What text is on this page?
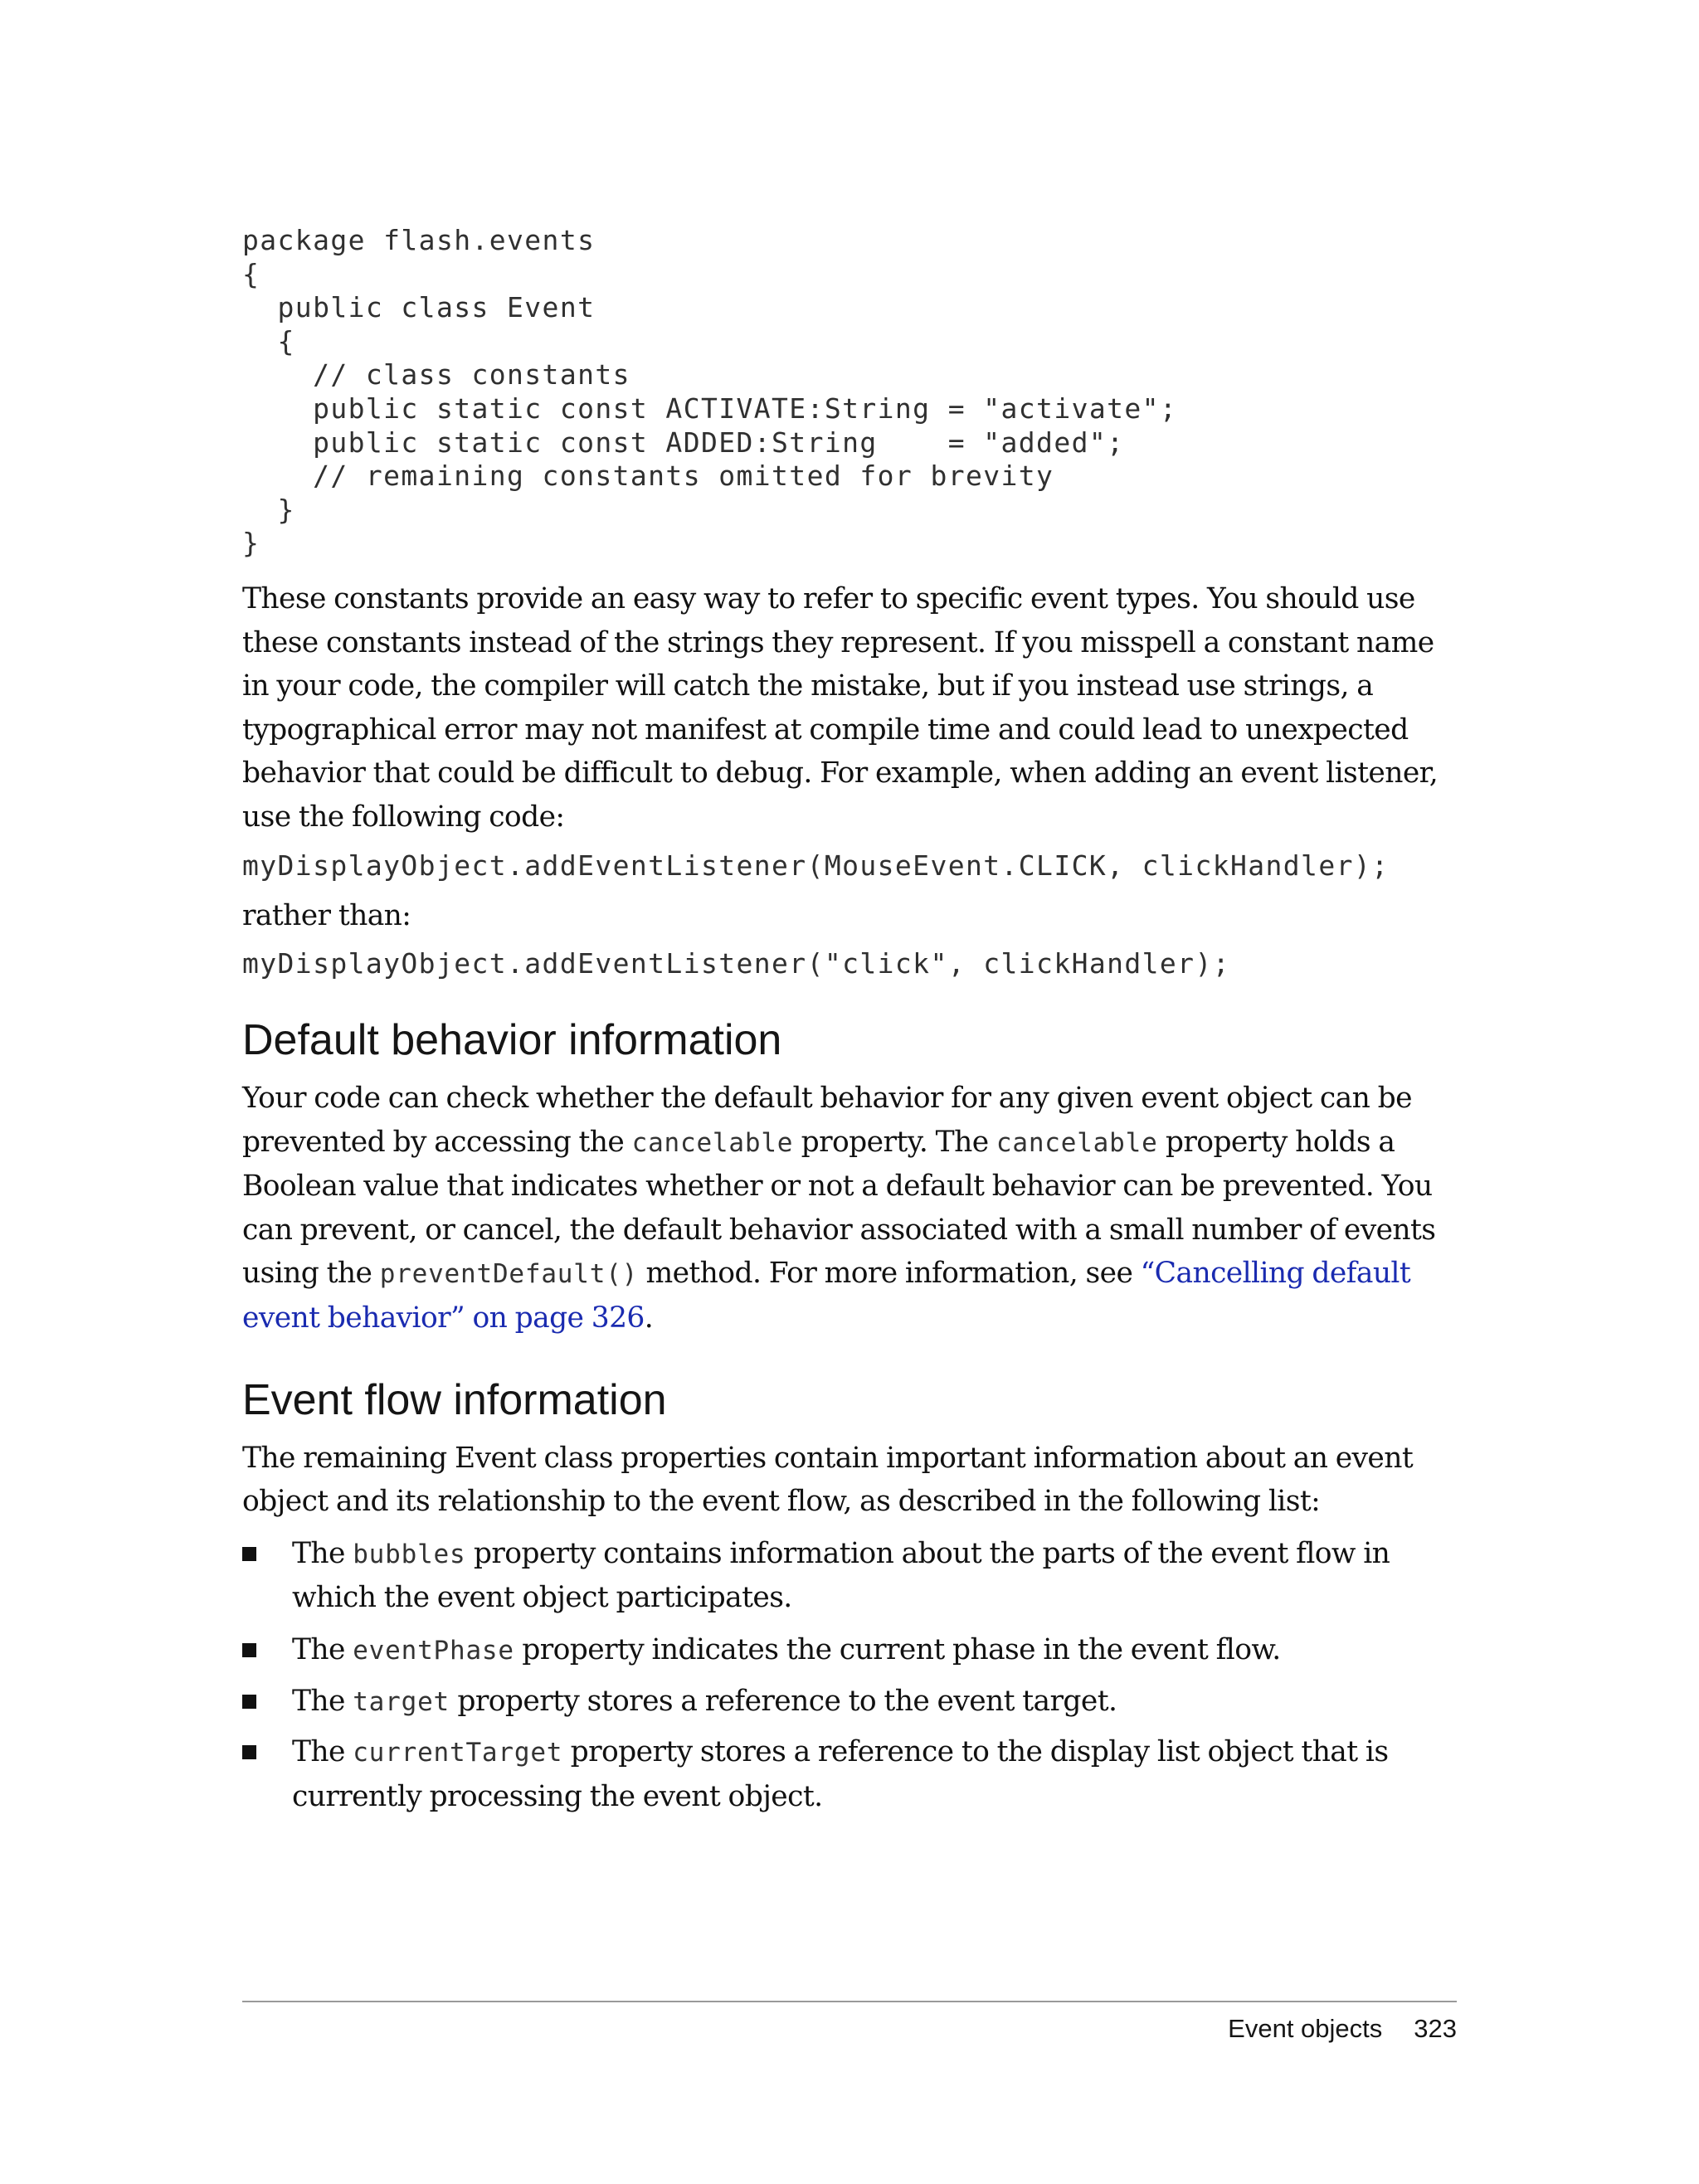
package flash.events
{
public class Event
{
// class constants
public static const ACTIVATE:String = "activate";
public static const ADDED:String    = "added";
// remaining constants omitted for brevity
}
}

These constants provide an easy way to refer to specific event types. You should use these constants instead of the strings they represent. If you misspell a constant name in your code, the compiler will catch the mistake, but if you instead use strings, a typographical error may not manifest at compile time and could lead to unexpected behavior that could be difficult to debug. For example, when adding an event listener, use the following code:

myDisplayObject.addEventListener(MouseEvent.CLICK, clickHandler);

rather than:

myDisplayObject.addEventListener("click", clickHandler);

Default behavior information

Your code can check whether the default behavior for any given event object can be prevented by accessing the cancelable property. The cancelable property holds a Boolean value that indicates whether or not a default behavior can be prevented. You can prevent, or cancel, the default behavior associated with a small number of events using the preventDefault() method. For more information, see “Cancelling default event behavior” on page 326.

Event flow information

The remaining Event class properties contain important information about an event object and its relationship to the event flow, as described in the following list:

The bubbles property contains information about the parts of the event flow in which the event object participates.
The eventPhase property indicates the current phase in the event flow.
The target property stores a reference to the event target.
The currentTarget property stores a reference to the display list object that is currently processing the event object.
Event objects 323
